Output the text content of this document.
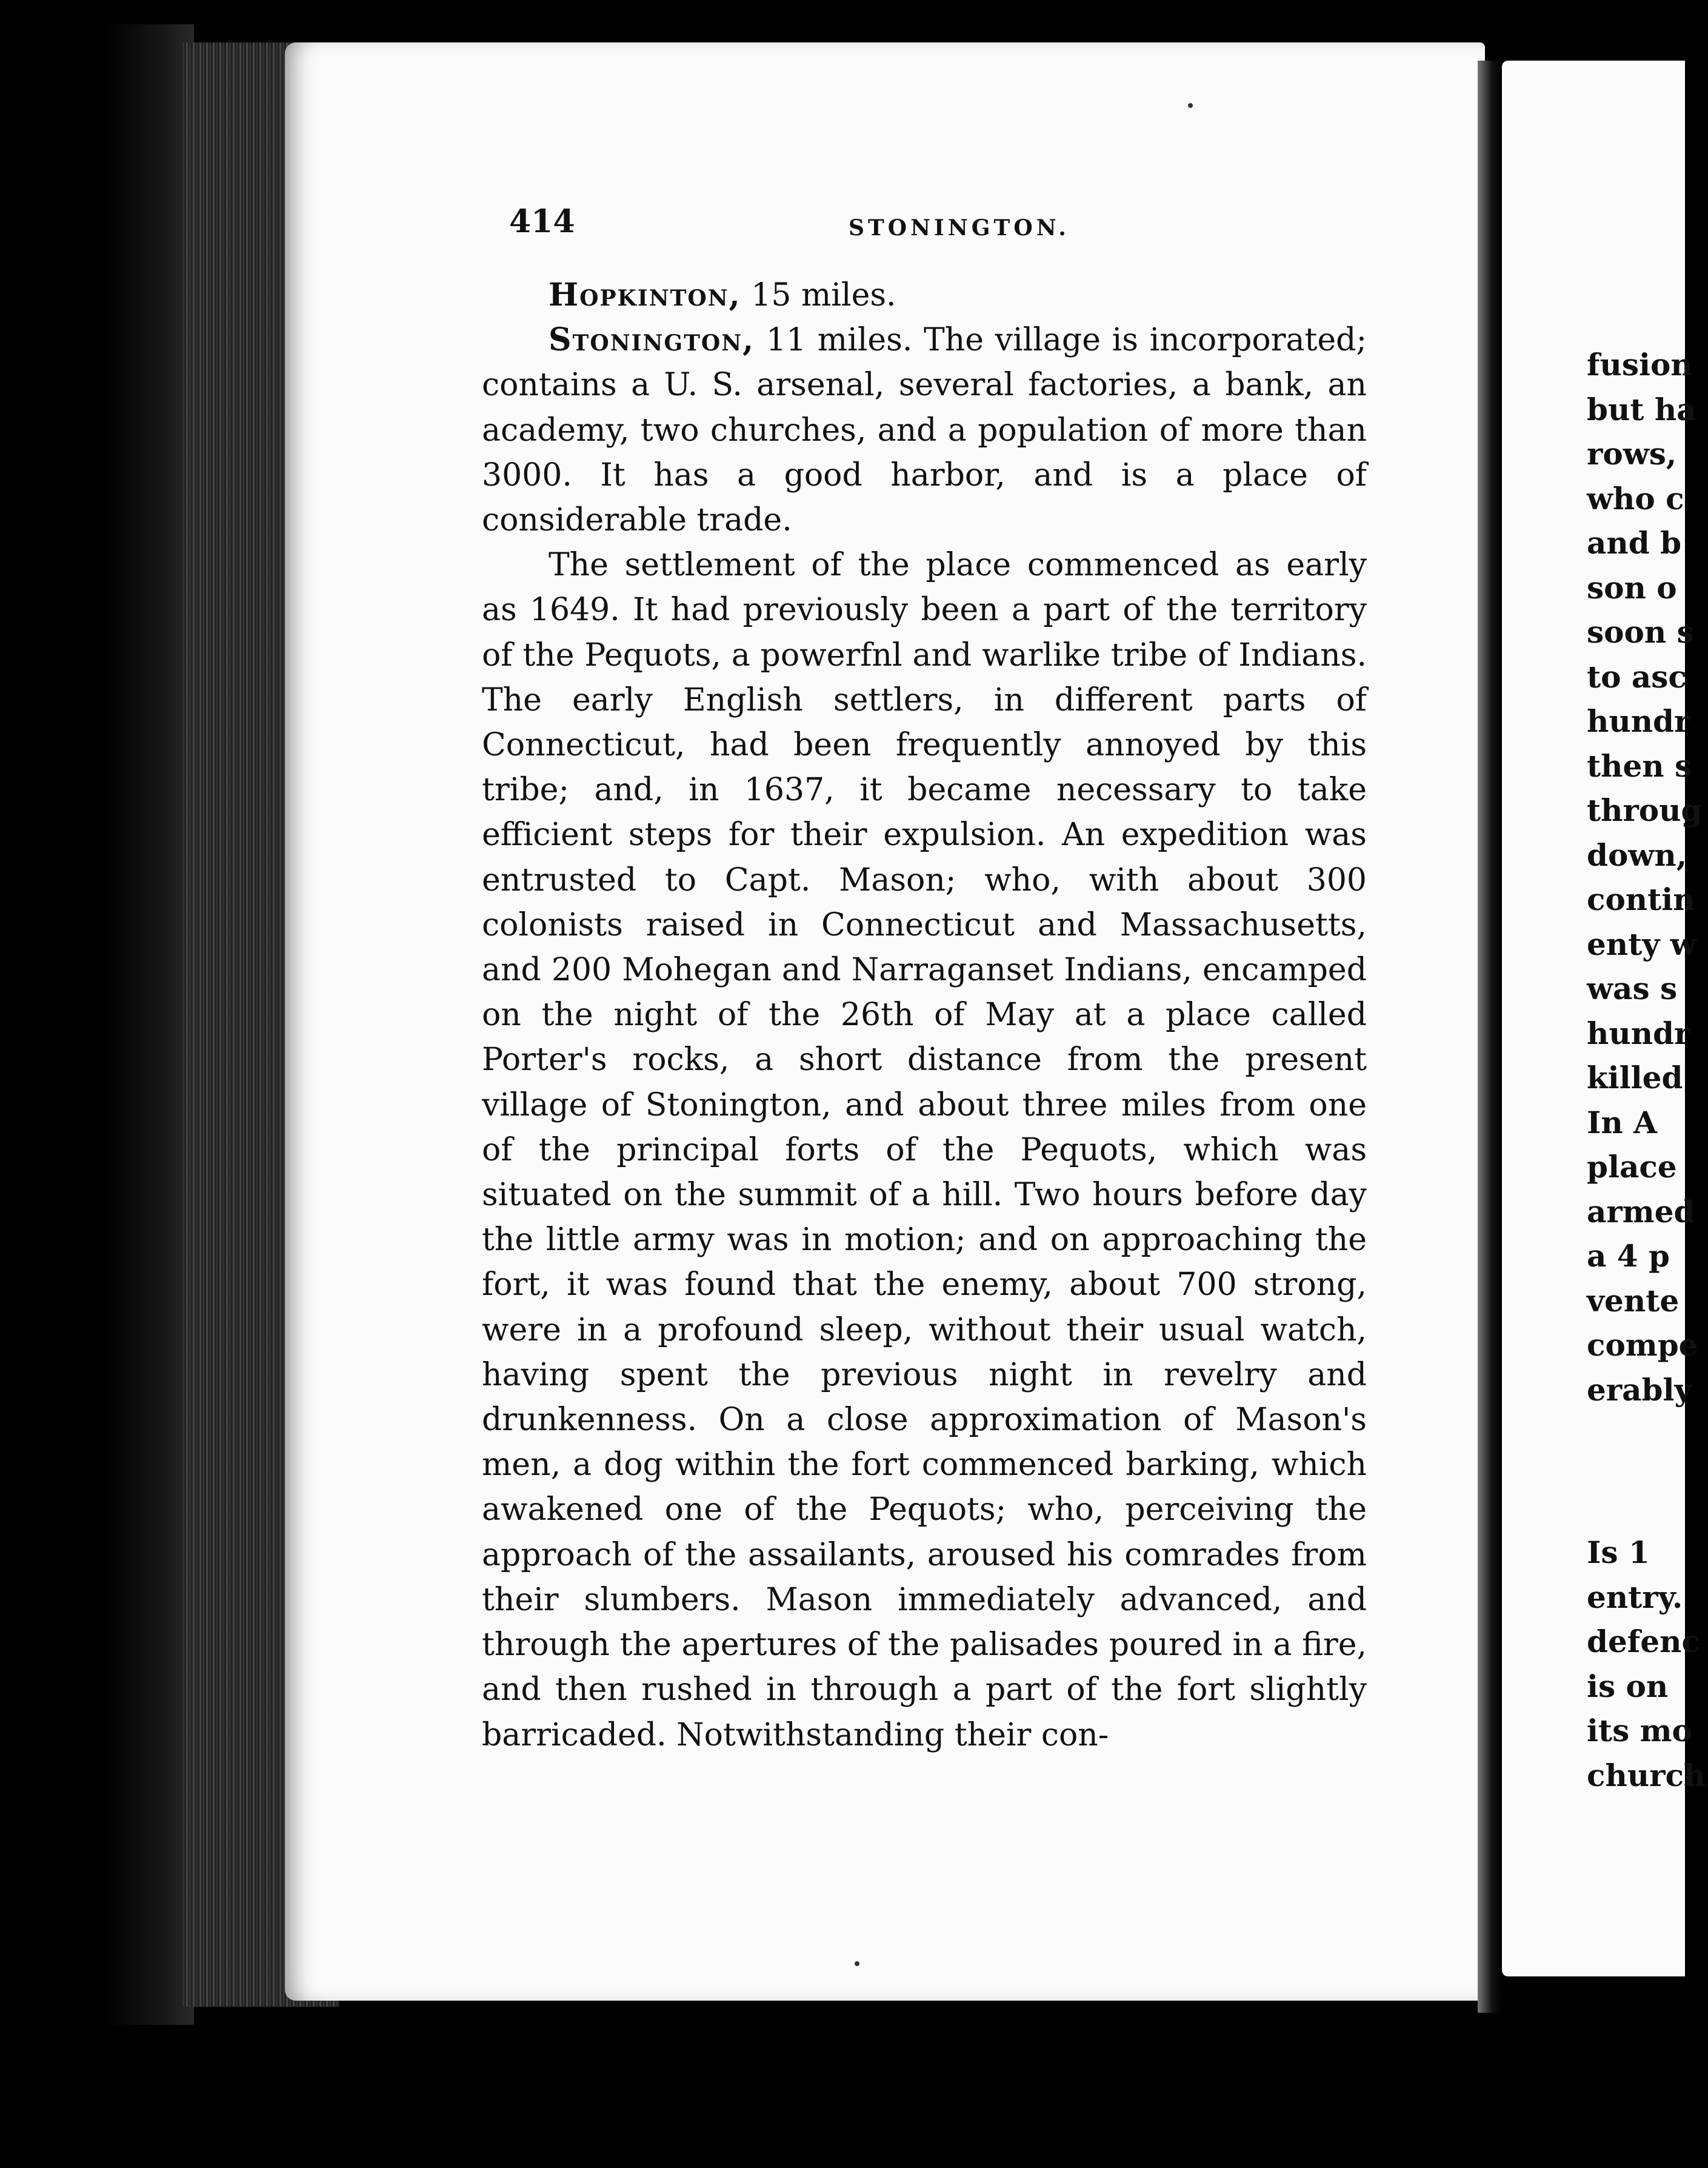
fusion
but ha
rows,
who c
and b
son o
soon s
to asc
hundr
then s
throug
down,
contin
enty w
was s
hundr
killed
In A
place
armed
a 4 p
vente
compe
erably
Is 1
entry.
defenc
is on
its mo
church
414	STONINGTON.

Hopkinton, 15 miles.

Stonington, 11 miles. The village is incorporated; contains a U. S. arsenal, several factories, a bank, an academy, two churches, and a population of more than 3000. It has a good harbor, and is a place of considerable trade.

The settlement of the place commenced as early as 1649. It had previously been a part of the territory of the Pequots, a powerfnl and warlike tribe of Indians. The early English settlers, in different parts of Connecticut, had been frequently annoyed by this tribe; and, in 1637, it became necessary to take efficient steps for their expulsion. An expedition was entrusted to Capt. Mason; who, with about 300 colonists raised in Connecticut and Massachusetts, and 200 Mohegan and Narraganset Indians, encamped on the night of the 26th of May at a place called Porter's rocks, a short distance from the present village of Stonington, and about three miles from one of the principal forts of the Pequots, which was situated on the summit of a hill. Two hours before day the little army was in motion; and on approaching the fort, it was found that the enemy, about 700 strong, were in a profound sleep, without their usual watch, having spent the previous night in revelry and drunkenness. On a close approximation of Mason's men, a dog within the fort commenced barking, which awakened one of the Pequots; who, perceiving the approach of the assailants, aroused his comrades from their slumbers. Mason immediately advanced, and through the apertures of the palisades poured in a fire, and then rushed in through a part of the fort slightly barricaded. Notwithstanding their con-
